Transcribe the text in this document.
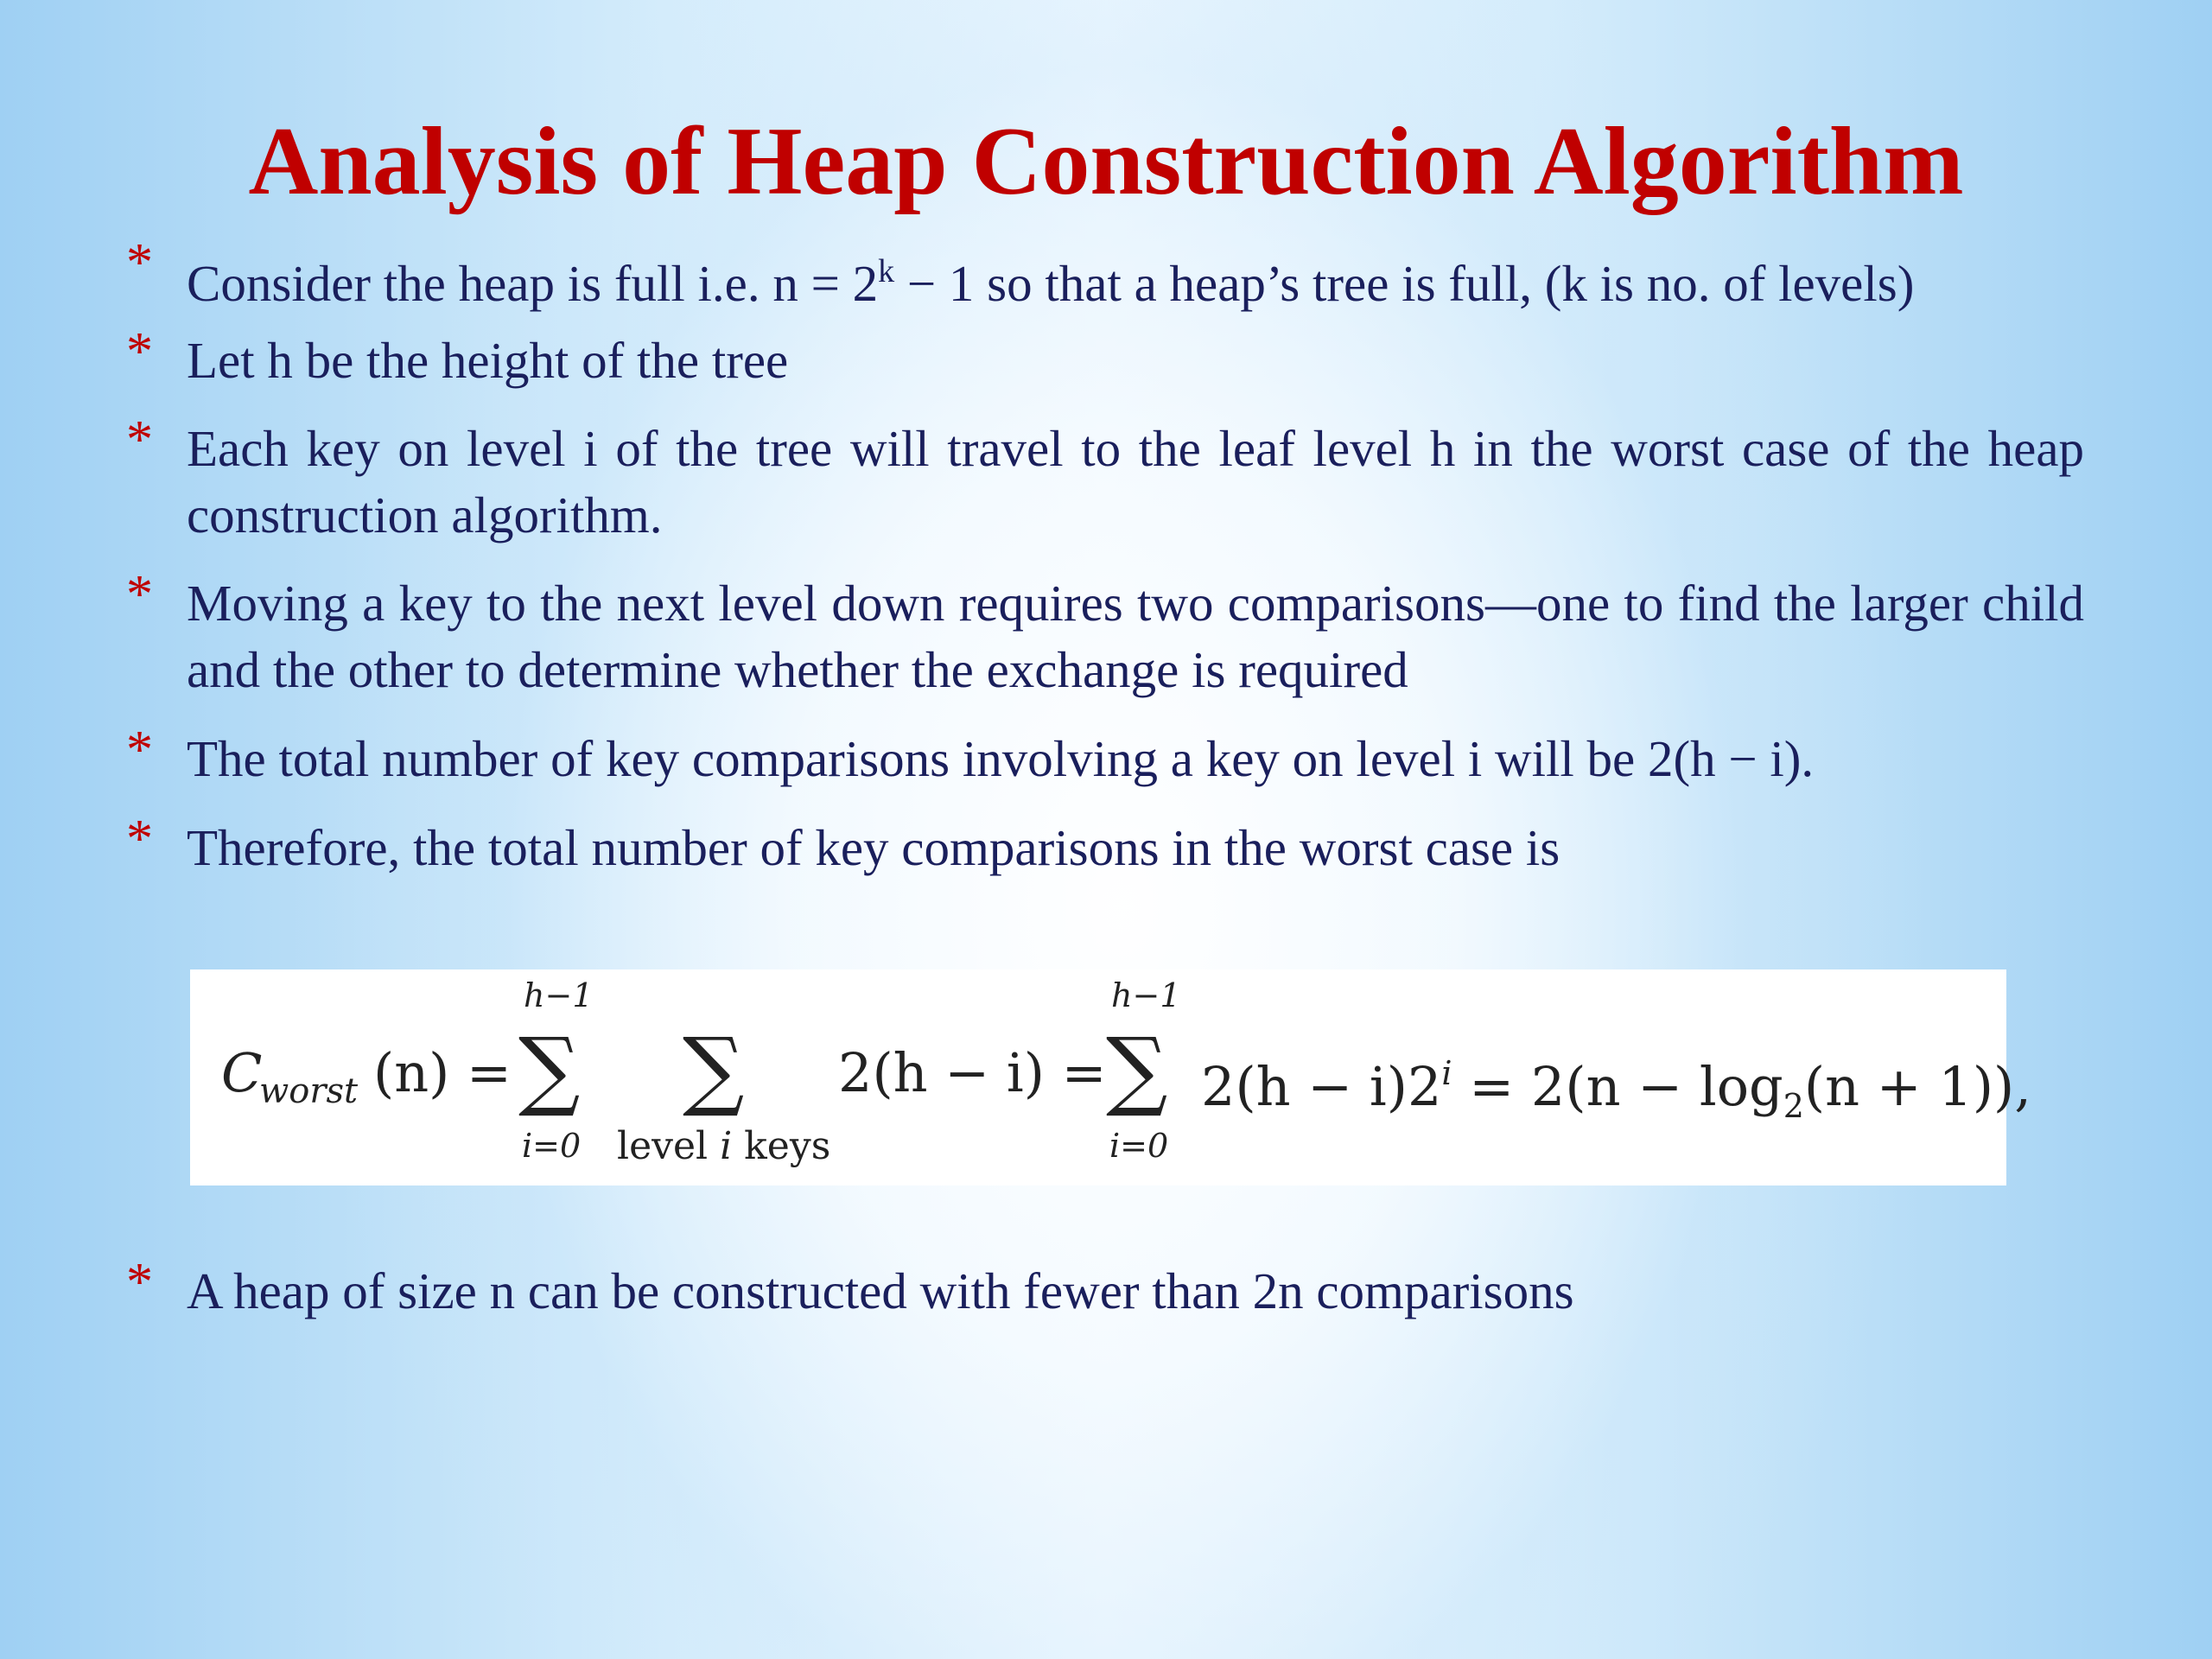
Analysis of Heap Construction Algorithm
* Consider the heap is full i.e. $n = 2^k - 1$ so that a heap’s tree is full, (k is no. of levels)
* Let h be the height of the tree
* Each key on level i of the tree will travel to the leaf level h in the worst case of the heap construction algorithm.
* Moving a key to the next level down requires two comparisons—one to find the larger child and the other to determine whether the exchange is required
* The total number of key comparisons involving a key on level i will be 2(h − i).
* Therefore, the total number of key comparisons in the worst case is
C
worst (n) =
h−1
∑
i=0
∑
level i keys
2(h − i) =
h−1
∑
i=0
$2(h - i)2^i = 2(n - \log_2(n + 1))$,
* A heap of size n can be constructed with fewer than 2n comparisons
